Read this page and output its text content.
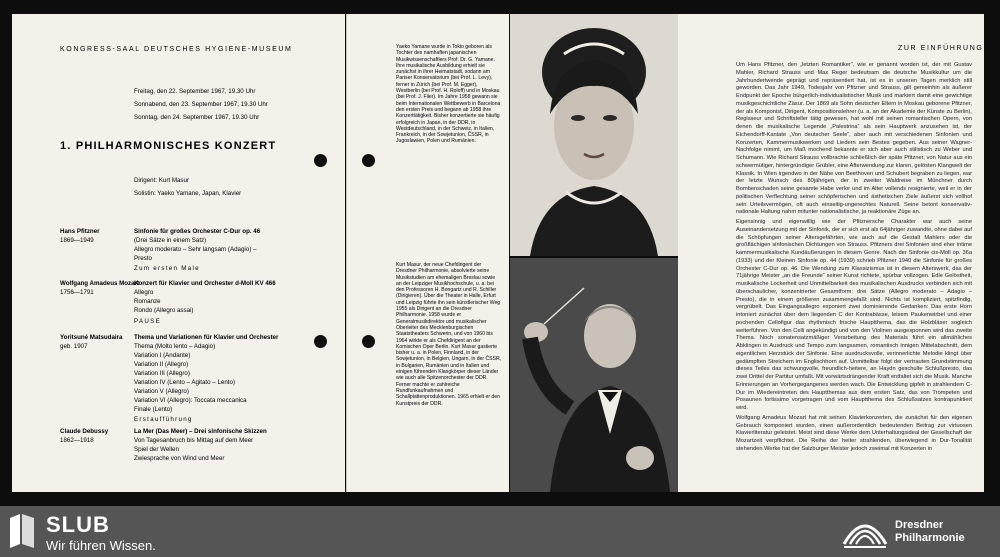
KONGRESS-SAAL DEUTSCHES HYGIENE-MUSEUM
Freitag, den 22. September 1967, 19.30 Uhr
Sonnabend, den 23. September 1967, 19.30 Uhr
Sonntag, den 24. September 1967, 19.30 Uhr
1. PHILHARMONISCHES KONZERT
Dirigent: Kurt Masur
Solistin: Yaeko Yamane, Japan, Klavier
Hans Pfitzner
1869—1949
Sinfonie für großes Orchester C-Dur op. 46
(Drei Sätze in einem Satz)
Allegro moderato – Sehr langsam (Adagio) –
Presto
Zum ersten Male
Wolfgang Amadeus Mozart
1756—1791
Konzert für Klavier und Orchester d-Moll KV 466
Allegro
Romanze
Rondo (Allegro assai)
PAUSE
Yoritsuné Matsudaira
geb. 1907
Thema und Variationen für Klavier und Orchester
Thema (Molto lento – Adagio)
Variation I (Andante)
Variation II (Allegro)
Variation III (Allegro)
Variation IV (Lento – Agitato – Lento)
Variation V (Allegro)
Variation VI (Allegro): Toccata meccanica
Finale (Lento)
Erstaufführung
Claude Debussy
1862—1918
La Mer (Das Meer) – Drei sinfonische Skizzen
Von Tagesanbruch bis Mittag auf dem Meer
Spiel der Wellen
Zwiesprache von Wind und Meer
Yaeko Yamane wurde in Tokio geboren als Tochter des namhaften japanischen Musikwissenschaftlers Prof. Dr. G. Yamane. Ihre musikalische Ausbildung erhielt sie zunächst in ihrer Heimatstadt, sodann am Pariser Konservatorium (bei Prof. L. Levy), ferner in Zürich (bei Prof. M. Egger), Westberlin (bei Prof. H. Roloff) und in Moskau (bei Prof. J. Flier). Im Jahre 1958 gewann sie beim Internationalen Wettbewerb in Barcelona den ersten Preis und begann ab 1958 ihre Konzerttätigkeit. Bisher konzertierte sie häufig erfolgreich in Japan, in der DDR, in Westdeutschland, in der Schweiz, in Italien, Frankreich, in der Sowjetunion, ČSSR, in Jugoslawien, Polen und Rumänien.
Kurt Masur, der neue Chefdirigent der Dresdner Philharmonie, absolvierte seine Musikstudien am ehemaligen Breslau sowie an der Leipziger Musikhochschule, u. a. bei den Professoren H. Bongartz und R. Schiller (Dirigieren). Über die Theater in Halle, Erfurt und Leipzig führte ihn sein künstlerischer Weg 1955 als Dirigent an die Dresdner Philharmonie. 1958 wurde er Generalmusikdirektor und musikalischer Oberleiter des Mecklenburgischen Staatstheaters Schwerin, und von 1960 bis 1964 wirkte er als Chefdirigent an der Komischen Oper Berlin. Kurt Masur gastierte bisher u. a. in Polen, Finnland, in der Sowjetunion, in Belgien, Ungarn, in der ČSSR, in Bulgarien, Rumänien und in Italien und einigen führenden Klangkörper dieser Länder wie auch alle Spitzenorchester der DDR. Ferner machte er zahlreiche Rundfunkaufnahmen und Schallplattenproduktionen. 1965 erhielt er den Kunstpreis der DDR.
ZUR EINFÜHRUNG

Um Hans Pfitzner, den „letzten Romantiker“, wie er genannt worden ist, der mit Gustav Mahler, Richard Strauss und Max Reger bedeutsam die deutsche Musikkultur um die Jahrhundertwende geprägt und repräsentiert hat, ist es in unseren Tagen merklich still geworden. Das Jahr 1949, Todesjahr von Pfitzner und Strauss, gilt gemeinhin als äußerer Endpunkt der Epoche bürgerlich-individualistischer Musik und markiert damit eine gewichtige musikgeschichtliche Zäsur. Der 1869 als Sohn deutscher Eltern in Moskau geborene Pfitzner, der als Komponist, Dirigent, Kompositionslehrer (u. a. an der Akademie der Künste zu Berlin), Regisseur und Schriftsteller tätig gewesen, hat wohl mit seinen romantischen Opern, von denen die musikalische Legende „Palestrina“ als sein Hauptwerk anzusehen ist, der Eichendorff-Kantate „Von deutscher Seele“, aber auch mit verschiedenen Sinfonien und Konzerten, Kammermusikwerken und Liedern sein Bestes gegeben. Aus seiner Wagner-Nachfolge nimmt, um Maß mochend bekannte er sich aber auch stilistisch zu Weber und Schumann. Wie Richard Strauss vollbrachte schließlich der späte Pfitzner, von Natur aus ein schwermütiger, hintergründiger Grübler, eine Afterwendung zur klaren, gelösten Klangwelt der Klassik. In Wien irgendwo in der Nähe von Beethoven und Schubert begraben zu liegen, war der letzte Wunsch des 80jährigen, der in zweiter Waldreise im Münchner durch Bombenschaden seine gesamte Habe verlor und im Alter vollends resignierte, weil er in der politischen Verflechtung seiner schöpferischen und ästhetischen Ziele äußerst sich vollhof sein Urteilsvermögen, oft auch einseitig-ungerechtes Naturell. Seine betont konservativ-nationale Haltung nahm mitunter nationalistische, ja reaktionäre Züge an.

Eigensinnig und eigenwillig wie der Pfitznersche Charakter war auch seine Auseinandersetzung mit der Sinfonik, der er sich erst als 64jähriger zuwandte, ohne dabei auf die Schöpfungen seiner Altersgefährten, wie auch auf die Gestalt Mahlers oder die großflächigen sinfonischen Dichtungen von Strauss. Pfitzners drei Sinfonien sind eher intime kammermusikalische Kundäußerungen in diesem Genre. Nach der Sinfonie cis-Moll op. 36a (1933) und der Kleinen Sinfonie op. 44 (1939) schrieb Pfitzner 1940 die Sinfonie für großes Orchester C-Dur op. 46. Die Wendung zum Klassizismus ist in diesem Alterswerk, das der 71jährige Meister „an die Freunde“ seiner Kunst richtete, spürbar vollzogen. Edle Gelöstheit, musikalische Lockerheit und Unmittelbarkeit des musikalischen Ausdrucks verbinden sich mit überschaulicher, konzentrierter Gesamtform: drei Sätze (Allegro moderato – Adagio – Presto), die in einem größeren zusammengefaßt sind. Nichts ist kompliziert, spitzfindig, vergrübelt. Das Eingangsallegro exponiert zwei dominierende Gedanken: Das erste Horn intoniert zunächst über dem liegenden C der Kontrabässe, leisem Paukenwirbel und einer pochenden Cellofigur das rhythmisch frische Hauptthema, das die Holzbläser sogleich weiterführen. Von den Celli angekündigt und von den Violinen ausgesponnen wird das zweite Thema. Noch sonatensatzmäßiger Verarbeitung des Materials führt ein allmähliches Abklingen in Ausdruck und Tempo zum langsamen, romantisch innigen Mittelabschnitt, dem eigentlichen Herzstück der Sinfonie. Eine ausdrucksvolle, verinnerlichte Melodie klingt über gedämpften Streichern im Englischhorn auf. Unmittelbar folgt der vertrauten Grundstimmung dieses Teiles das schwungvolle, freundlich-heitere, an Haydn geschulte Schlußpresto, das zwei Drittel der Partitur umfaßt. Mit vorwärtsdrängender Kraft entfaltet sich die Musik. Manche Erinnerungen an Vorhergegangenes werden wach. Die Entwicklung gipfelt in strahlendem C-Dur im Wiedereintreten des Hauptthemas aus dem ersten Satz, das von Trompeten und Posaunen fortissimo vorgetragen und vom Hauptthema des Schlußsatzes kontrapunktiert wird.

Wolfgang Amadeus Mozart hat mit seinen Klavierkonzerten, die zunächst für den eigenen Gebrauch komponiert wurden, einen außerordentlich bedeutenden Beitrag zur virtuosen Klavierliteratur geleistet. Meist sind diese Werke dem Unterhaltungsideal der Gesellschaft der Mozartzeit verpflichtet. Die Reihe der heiter strahlenden, überwiegend in Dur-Tonalität stehenden Werke hat der Salzburger Meister jedoch zweimal mit Konzerten in

SLUB
Wir führen Wissen.
Dresdner
Philharmonie
